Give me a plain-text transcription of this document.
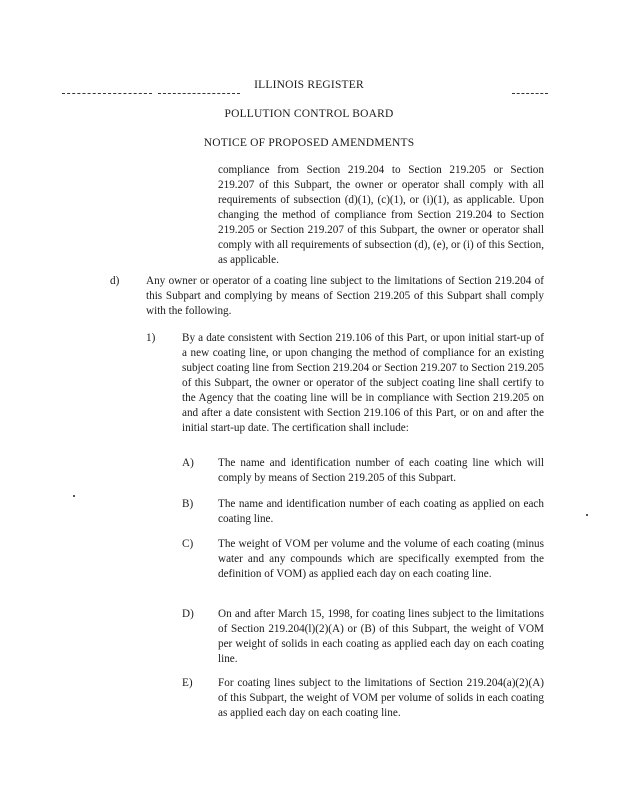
ILLINOIS REGISTER
POLLUTION CONTROL BOARD
NOTICE OF PROPOSED AMENDMENTS
compliance from Section 219.204 to Section 219.205 or Section 219.207 of this Subpart, the owner or operator shall comply with all requirements of subsection (d)(1), (c)(1), or (i)(1), as applicable. Upon changing the method of compliance from Section 219.204 to Section 219.205 or Section 219.207 of this Subpart, the owner or operator shall comply with all requirements of subsection (d), (e), or (i) of this Section, as applicable.
d) Any owner or operator of a coating line subject to the limitations of Section 219.204 of this Subpart and complying by means of Section 219.205 of this Subpart shall comply with the following.
1) By a date consistent with Section 219.106 of this Part, or upon initial start-up of a new coating line, or upon changing the method of compliance for an existing subject coating line from Section 219.204 or Section 219.207 to Section 219.205 of this Subpart, the owner or operator of the subject coating line shall certify to the Agency that the coating line will be in compliance with Section 219.205 on and after a date consistent with Section 219.106 of this Part, or on and after the initial start-up date. The certification shall include:
A) The name and identification number of each coating line which will comply by means of Section 219.205 of this Subpart.
B) The name and identification number of each coating as applied on each coating line.
C) The weight of VOM per volume and the volume of each coating (minus water and any compounds which are specifically exempted from the definition of VOM) as applied each day on each coating line.
D) On and after March 15, 1998, for coating lines subject to the limitations of Section 219.204(l)(2)(A) or (B) of this Subpart, the weight of VOM per weight of solids in each coating as applied each day on each coating line.
E) For coating lines subject to the limitations of Section 219.204(a)(2)(A) of this Subpart, the weight of VOM per volume of solids in each coating as applied each day on each coating line.
